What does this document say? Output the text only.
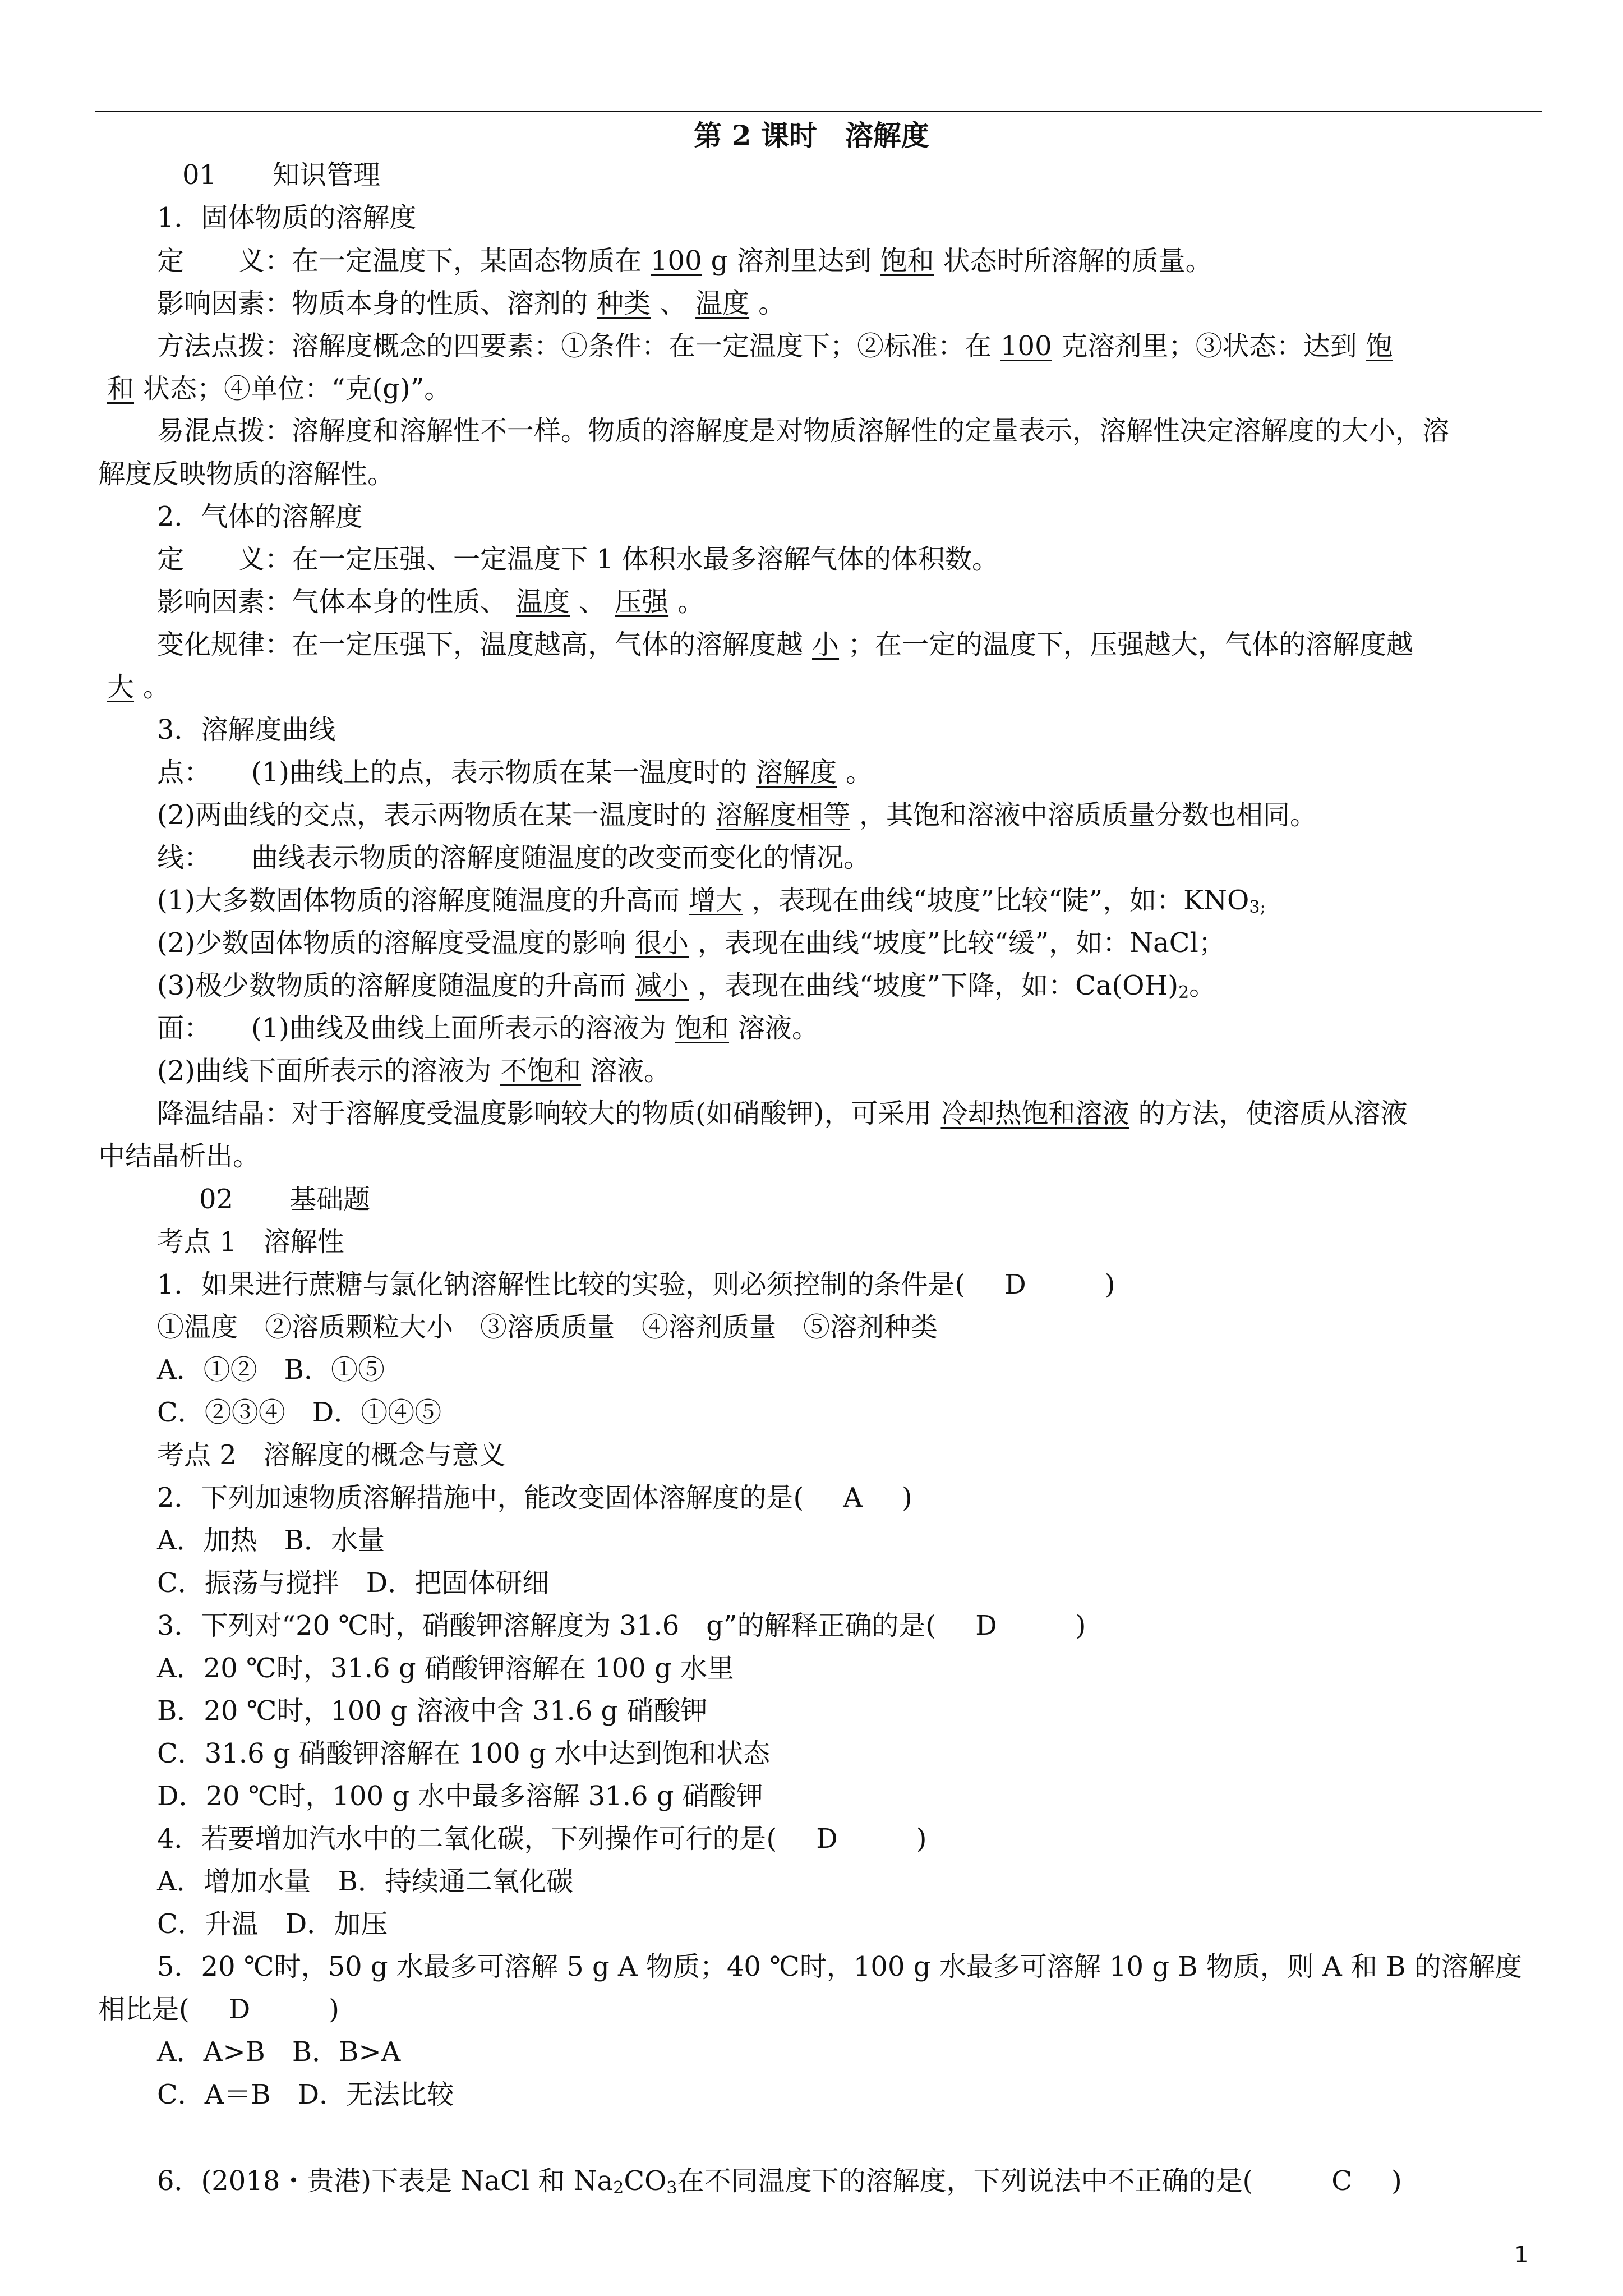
第 2 课时　溶解度
01 知识管理
1．固体物质的溶解度
定　　义：在一定温度下，某固态物质在 100 g 溶剂里达到 饱和 状态时所溶解的质量。
影响因素：物质本身的性质、溶剂的 种类 、 温度 。
方法点拨：溶解度概念的四要素：①条件：在一定温度下；②标准：在 100 克溶剂里；③状态：达到 饱
和 状态；④单位：“克(g)”。
易混点拨：溶解度和溶解性不一样。物质的溶解度是对物质溶解性的定量表示，溶解性决定溶解度的大小，溶
解度反映物质的溶解性。
2．气体的溶解度
定　　义：在一定压强、一定温度下 1 体积水最多溶解气体的体积数。
影响因素：气体本身的性质、 温度 、 压强 。
变化规律：在一定压强下，温度越高，气体的溶解度越 小 ；在一定的温度下，压强越大，气体的溶解度越
大 。
3．溶解度曲线
点：　　(1)曲线上的点，表示物质在某一温度时的 溶解度 。
(2)两曲线的交点，表示两物质在某一温度时的 溶解度相等 ，其饱和溶液中溶质质量分数也相同。
线：　　曲线表示物质的溶解度随温度的改变而变化的情况。
(1)大多数固体物质的溶解度随温度的升高而 增大 ，表现在曲线“坡度”比较“陡”，如：$KNO_{3;}$
(2)少数固体物质的溶解度受温度的影响 很小 ，表现在曲线“坡度”比较“缓”，如：NaCl；
(3)极少数物质的溶解度随温度的升高而 减小 ，表现在曲线“坡度”下降，如：$Ca(OH)_2$。
面：　　(1)曲线及曲线上面所表示的溶液为 饱和 溶液。
(2)曲线下面所表示的溶液为 不饱和 溶液。
降温结晶：对于溶解度受温度影响较大的物质(如硝酸钾)，可采用 冷却热饱和溶液 的方法，使溶质从溶液
中结晶析出。
02 基础题
考点 1　溶解性
1．如果进行蔗糖与氯化钠溶解性比较的实验，则必须控制的条件是( D	)
①温度　②溶质颗粒大小　③溶质质量　④溶剂质量　⑤溶剂种类
A．①②　B．①⑤
C．②③④　D．①④⑤
考点 2　溶解度的概念与意义
2．下列加速物质溶解措施中，能改变固体溶解度的是( A )
A．加热　B．水量
C．振荡与搅拌　D．把固体研细
3．下列对“20 ℃时，硝酸钾溶解度为 31.6　g”的解释正确的是( D	)
A．20 ℃时，31.6 g 硝酸钾溶解在 100 g 水里
B．20 ℃时，100 g 溶液中含 31.6 g 硝酸钾
C．31.6 g 硝酸钾溶解在 100 g 水中达到饱和状态
D．20 ℃时，100 g 水中最多溶解 31.6 g 硝酸钾
4．若要增加汽水中的二氧化碳，下列操作可行的是( D	)
A．增加水量　B．持续通二氧化碳
C．升温　D．加压
5．20 ℃时，50 g 水最多可溶解 5 g A 物质；40 ℃时，100 g 水最多可溶解 10 g B 物质，则 A 和 B 的溶解度
相比是( D	)
A．A>B　B．B>A
C．A＝B　D．无法比较
6．(2018・贵港)下表是 NaCl 和 $Na_2CO_3$在不同温度下的溶解度，下列说法中不正确的是(	C )
1
